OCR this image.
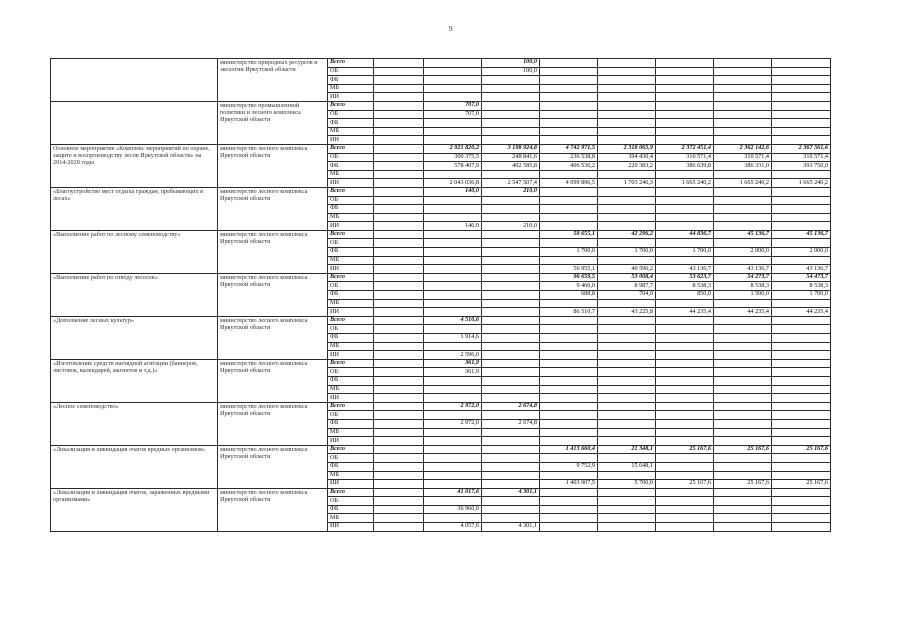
9
	министерство природных ресурсов и экологии Иркутской области	Всего			100,0					
		ОБ			100,0					
		ФБ								
		МБ								
		ИИ								
	министерство промышленной политики и лесного комплекса Иркутской области	Всего		707,0						
		ОБ		707,0						
		ФБ								
		МБ								
		ИИ								
Основное мероприятие «Комплекс мероприятий по охране, защите и воспроизводству лесов Иркутской области» на 2014-2020 годы	министерство лесного комплекса Иркутской области	Всего		2 921 820,2	3 198 924,8	4 742 971,5	2 318 065,9	2 372 451,4	2 362 142,6	2 367 561,6
		ОБ		300 375,5	248 841,6	236 538,8	394 430,4	310 571,4	310 571,4	310 571,4
		ФБ		578 407,9	402 585,8	406 536,2	220 383,2	386 639,8	386 331,0	391 750,0
		МБ								
		ИИ		2 043 036,8	2 547 507,4	4 099 896,5	1 703 246,3	1 665 240,2	1 665 240,2	1 665 240,2
«Благоустройство мест отдыха граждан, пребывающих в лесах»	министерство лесного комплекса Иркутской области	Всего		140,0	210,0					
		ОБ								
		ФБ								
		МБ								
		ИИ		140,0	210,0					
«Выполнение работ по лесному семеноводству»	министерство лесного комплекса Иркутской области	Всего				58 655,1	42 296,2	44 836,7	45 136,7	45 136,7
		ОБ								
		ФБ				1 700,0	1 700,0	1 700,0	2 000,0	2 000,0
		МБ								
		ИИ				56 955,1	40 596,2	43 136,7	43 136,7	43 136,7
«Выполнение работ по отводу лесосек»	министерство лесного комплекса Иркутской области	Всего				96 659,5	53 008,4	53 623,7	54 273,7	54 473,7
		ОБ				9 460,0	8 987,7	8 538,3	8 538,3	8 538,3
		ФБ				688,8	704,0	850,0	1 500,0	1 700,0
		МБ								
		ИИ				86 510,7	43 225,8	44 235,4	44 235,4	44 235,4
«Дополнение лесных культур»	министерство лесного комплекса Иркутской области	Всего		4 510,6						
		ОБ								
		ФБ		1 914,6						
		МБ								
		ИИ		2 596,0						
«Изготовление средств наглядной агитации (баннеров, листовок, календарей, магнитов и т.д.)»	министерство лесного комплекса Иркутской области	Всего		361,9						
		ОБ		361,9						
		ФБ								
		МБ								
		ИИ								
«Лесное семеноводство»	министерство лесного комплекса Иркутской области	Всего		2 972,0	2 674,8					
		ОБ								
		ФБ		2 972,0	2 674,8					
		МБ								
		ИИ								
«Локализация и ликвидация очагов вредных организмов»	министерство лесного комплекса Иркутской области	Всего				1 413 660,4	21 348,1	25 167,6	25 167,6	25 167,6
		ОБ								
		ФБ				9 752,9	15 648,1			
		МБ								
		ИИ				1 403 907,5	5 700,0	25 167,6	25 167,6	25 167,6
«Локализация и ликвидация очагов, зараженных вредными организмами»	министерство лесного комплекса Иркутской области	Всего		41 017,6	4 301,1					
		ОБ								
		ФБ		36 960,0						
		МБ								
		ИИ		4 057,6	4 301,1					
